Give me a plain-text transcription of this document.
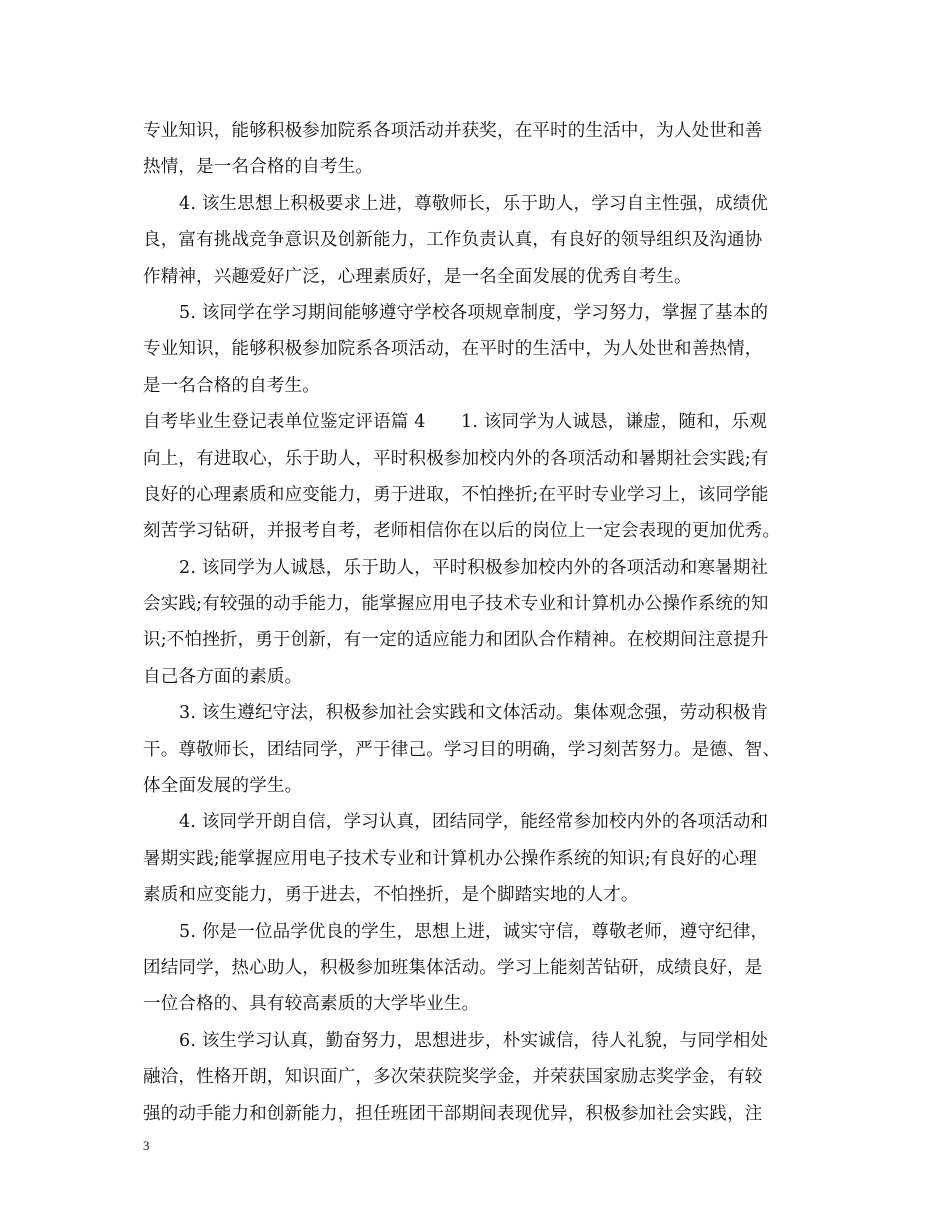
专业知识，能够积极参加院系各项活动并获奖，在平时的生活中，为人处世和善
热情，是一名合格的自考生。
4. 该生思想上积极要求上进，尊敬师长，乐于助人，学习自主性强，成绩优
良，富有挑战竞争意识及创新能力，工作负责认真，有良好的领导组织及沟通协
作精神，兴趣爱好广泛，心理素质好，是一名全面发展的优秀自考生。
5. 该同学在学习期间能够遵守学校各项规章制度，学习努力，掌握了基本的
专业知识，能够积极参加院系各项活动，在平时的生活中，为人处世和善热情，
是一名合格的自考生。
自考毕业生登记表单位鉴定评语篇 4　　1. 该同学为人诚恳，谦虚，随和，乐观
向上，有进取心，乐于助人，平时积极参加校内外的各项活动和暑期社会实践;有
良好的心理素质和应变能力，勇于进取，不怕挫折;在平时专业学习上，该同学能
刻苦学习钻研，并报考自考，老师相信你在以后的岗位上一定会表现的更加优秀。
2. 该同学为人诚恳，乐于助人，平时积极参加校内外的各项活动和寒暑期社
会实践;有较强的动手能力，能掌握应用电子技术专业和计算机办公操作系统的知
识;不怕挫折，勇于创新，有一定的适应能力和团队合作精神。在校期间注意提升
自己各方面的素质。
3. 该生遵纪守法，积极参加社会实践和文体活动。集体观念强，劳动积极肯
干。尊敬师长，团结同学，严于律己。学习目的明确，学习刻苦努力。是德、智、
体全面发展的学生。
4. 该同学开朗自信，学习认真，团结同学，能经常参加校内外的各项活动和
暑期实践;能掌握应用电子技术专业和计算机办公操作系统的知识;有良好的心理
素质和应变能力，勇于进去，不怕挫折，是个脚踏实地的人才。
5. 你是一位品学优良的学生，思想上进，诚实守信，尊敬老师，遵守纪律，
团结同学，热心助人，积极参加班集体活动。学习上能刻苦钻研，成绩良好，是
一位合格的、具有较高素质的大学毕业生。
6. 该生学习认真，勤奋努力，思想进步，朴实诚信，待人礼貌，与同学相处
融洽，性格开朗，知识面广，多次荣获院奖学金，并荣获国家励志奖学金，有较
强的动手能力和创新能力，担任班团干部期间表现优异，积极参加社会实践，注
3
